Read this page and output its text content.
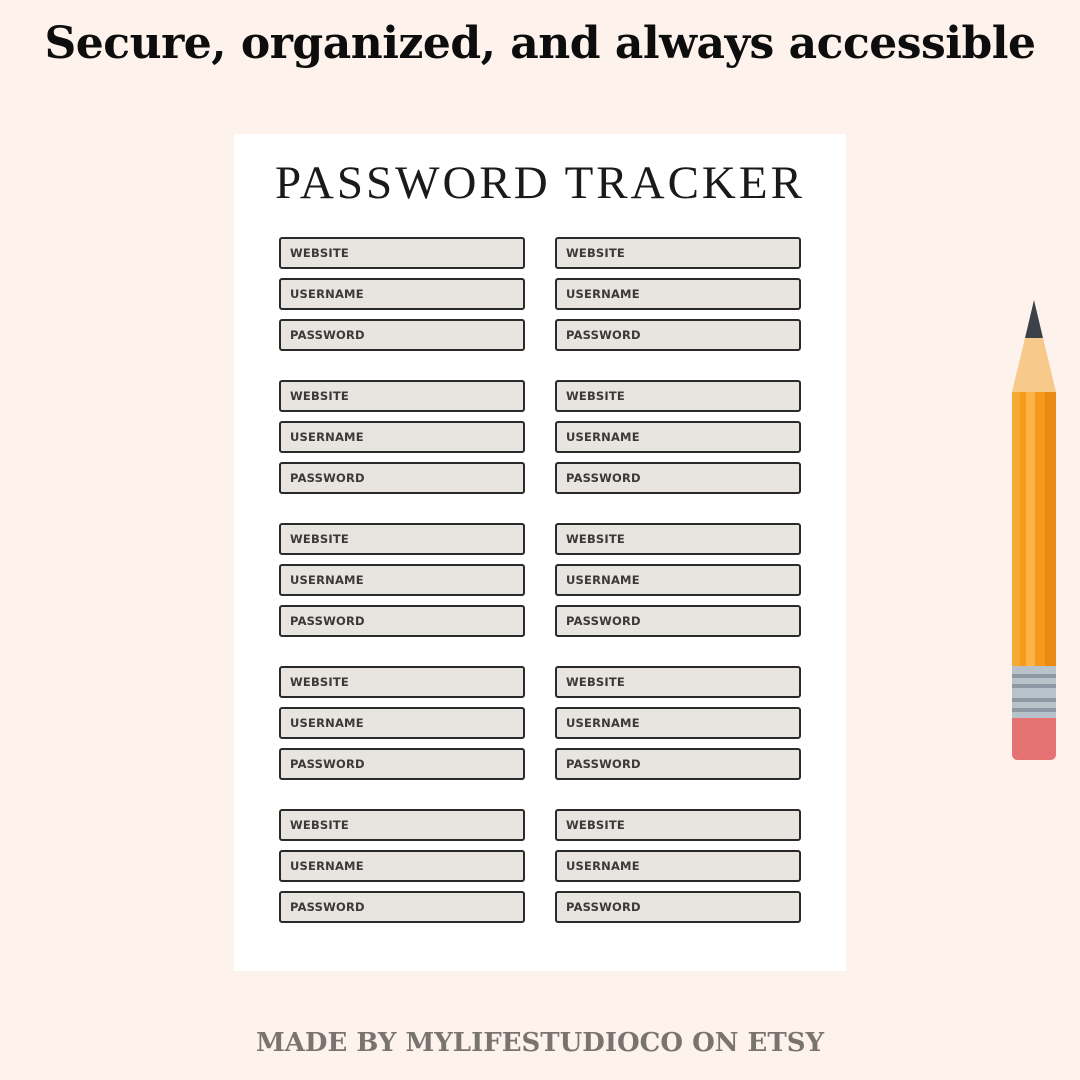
Secure, organized, and always accessible
PASSWORD TRACKER
WEBSITE
USERNAME
PASSWORD
WEBSITE
USERNAME
PASSWORD
WEBSITE
USERNAME
PASSWORD
WEBSITE
USERNAME
PASSWORD
WEBSITE
USERNAME
PASSWORD
WEBSITE
USERNAME
PASSWORD
WEBSITE
USERNAME
PASSWORD
WEBSITE
USERNAME
PASSWORD
WEBSITE
USERNAME
PASSWORD
WEBSITE
USERNAME
PASSWORD
MADE BY MYLIFESTUDIOCO ON ETSY
